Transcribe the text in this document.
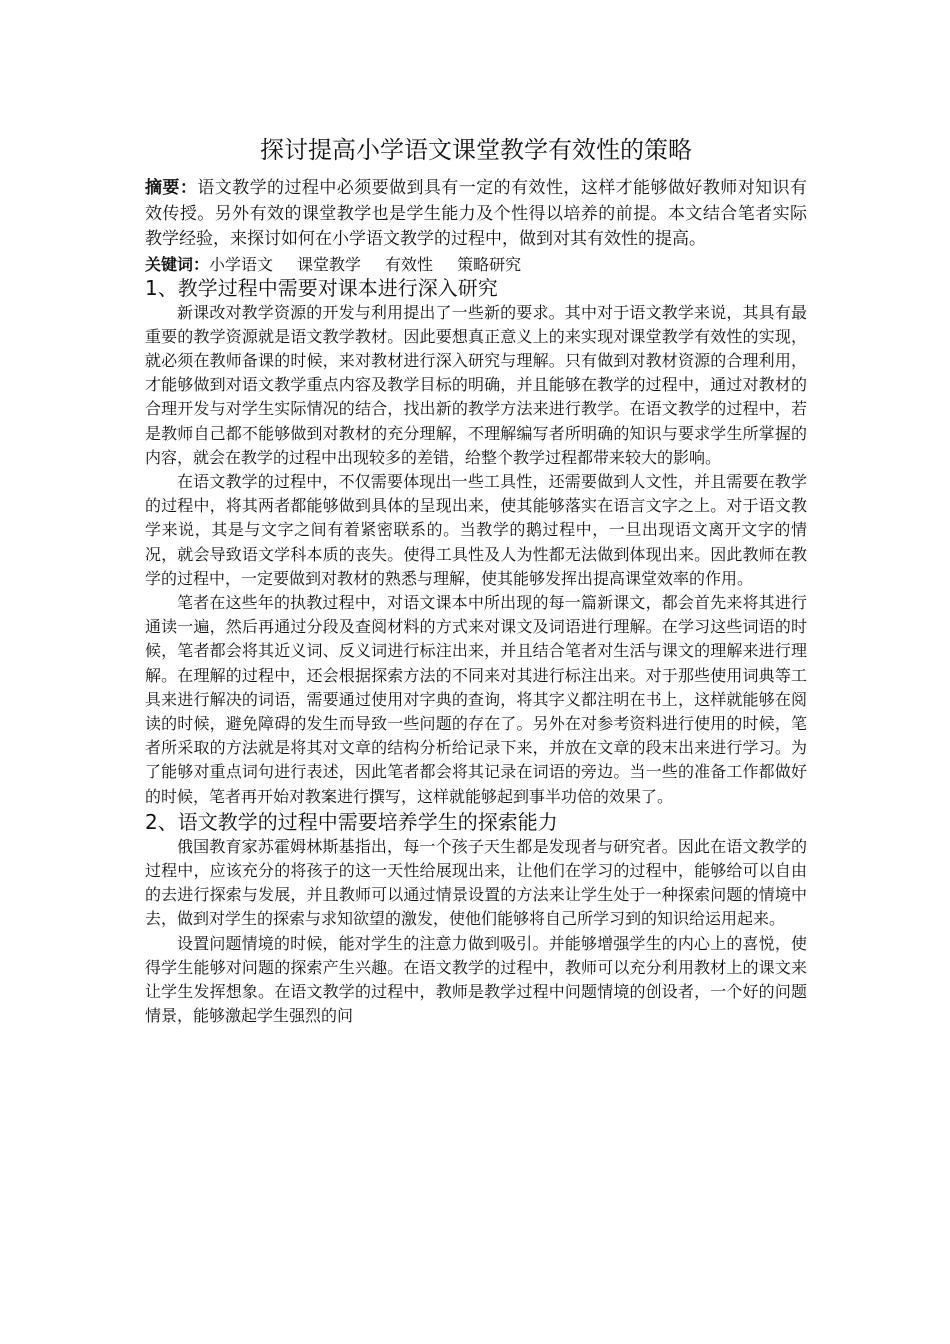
探讨提高小学语文课堂教学有效性的策略

摘要：语文教学的过程中必须要做到具有一定的有效性，这样才能够做好教师对知识有效传授。另外有效的课堂教学也是学生能力及个性得以培养的前提。本文结合笔者实际教学经验，来探讨如何在小学语文教学的过程中，做到对其有效性的提高。

关键词：小学语文 课堂教学 有效性 策略研究

1、教学过程中需要对课本进行深入研究

新课改对教学资源的开发与利用提出了一些新的要求。其中对于语文教学来说，其具有最重要的教学资源就是语文教学教材。因此要想真正意义上的来实现对课堂教学有效性的实现，就必须在教师备课的时候，来对教材进行深入研究与理解。只有做到对教材资源的合理利用，才能够做到对语文教学重点内容及教学目标的明确，并且能够在教学的过程中，通过对教材的合理开发与对学生实际情况的结合，找出新的教学方法来进行教学。在语文教学的过程中，若是教师自己都不能够做到对教材的充分理解，不理解编写者所明确的知识与要求学生所掌握的内容，就会在教学的过程中出现较多的差错，给整个教学过程都带来较大的影响。

在语文教学的过程中，不仅需要体现出一些工具性，还需要做到人文性，并且需要在教学的过程中，将其两者都能够做到具体的呈现出来，使其能够落实在语言文字之上。对于语文教学来说，其是与文字之间有着紧密联系的。当教学的鹅过程中，一旦出现语文离开文字的情况，就会导致语文学科本质的丧失。使得工具性及人为性都无法做到体现出来。因此教师在教学的过程中，一定要做到对教材的熟悉与理解，使其能够发挥出提高课堂效率的作用。

笔者在这些年的执教过程中，对语文课本中所出现的每一篇新课文，都会首先来将其进行通读一遍，然后再通过分段及查阅材料的方式来对课文及词语进行理解。在学习这些词语的时候，笔者都会将其近义词、反义词进行标注出来，并且结合笔者对生活与课文的理解来进行理解。在理解的过程中，还会根据探索方法的不同来对其进行标注出来。对于那些使用词典等工具来进行解决的词语，需要通过使用对字典的查询，将其字义都注明在书上，这样就能够在阅读的时候，避免障碍的发生而导致一些问题的存在了。另外在对参考资料进行使用的时候，笔者所采取的方法就是将其对文章的结构分析给记录下来，并放在文章的段末出来进行学习。为了能够对重点词句进行表述，因此笔者都会将其记录在词语的旁边。当一些的准备工作都做好的时候，笔者再开始对教案进行撰写，这样就能够起到事半功倍的效果了。

2、语文教学的过程中需要培养学生的探索能力

俄国教育家苏霍姆林斯基指出，每一个孩子天生都是发现者与研究者。因此在语文教学的过程中，应该充分的将孩子的这一天性给展现出来，让他们在学习的过程中，能够给可以自由的去进行探索与发展，并且教师可以通过情景设置的方法来让学生处于一种探索问题的情境中去，做到对学生的探索与求知欲望的激发，使他们能够将自己所学习到的知识给运用起来。

设置问题情境的时候，能对学生的注意力做到吸引。并能够增强学生的内心上的喜悦，使得学生能够对问题的探索产生兴趣。在语文教学的过程中，教师可以充分利用教材上的课文来让学生发挥想象。在语文教学的过程中，教师是教学过程中问题情境的创设者，一个好的问题情景，能够激起学生强烈的问
